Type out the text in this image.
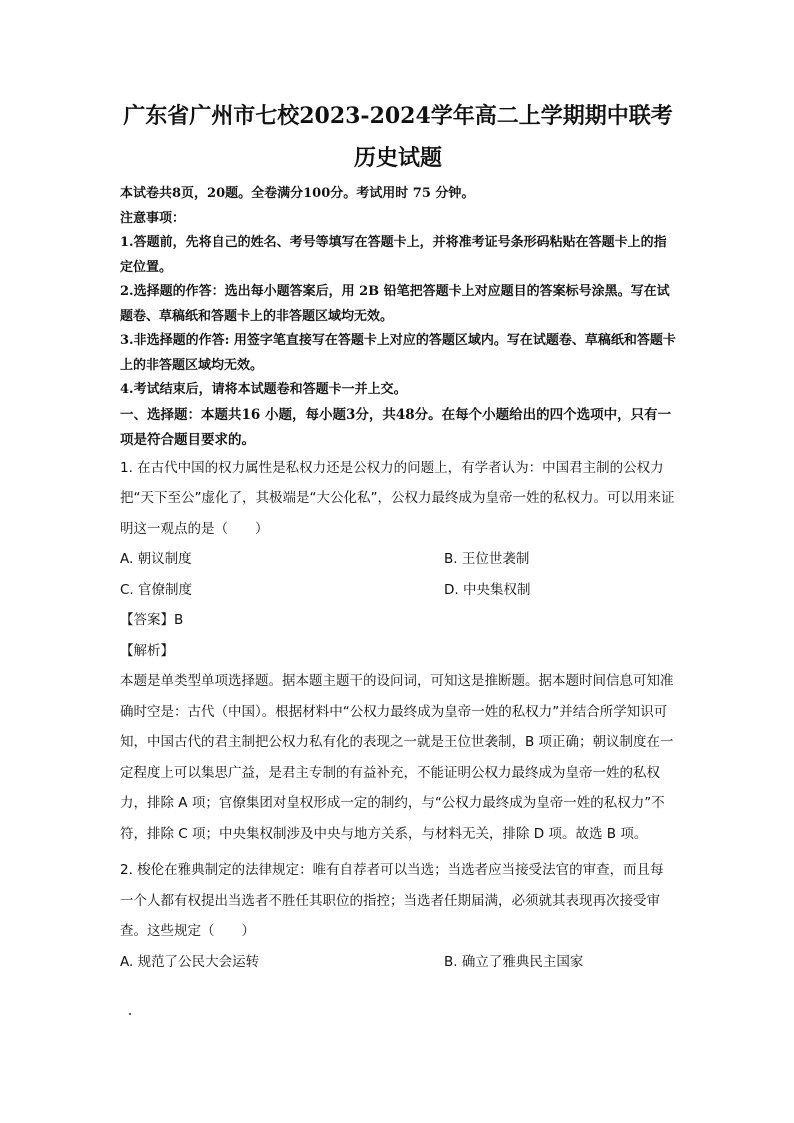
广东省广州市七校2023-2024学年高二上学期期中联考
历史试题

本试卷共8页，20题。全卷满分100分。考试用时 75 分钟。

注意事项：

1.答题前，先将自己的姓名、考号等填写在答题卡上，并将准考证号条形码粘贴在答题卡上的指定位置。

2.选择题的作答：选出每小题答案后，用 2B 铅笔把答题卡上对应题目的答案标号涂黑。写在试题卷、草稿纸和答题卡上的非答题区域均无效。

3.非选择题的作答: 用签字笔直接写在答题卡上对应的答题区域内。写在试题卷、草稿纸和答题卡上的非答题区域均无效。

4.考试结束后，请将本试题卷和答题卡一并上交。

一、选择题：本题共16 小题，每小题3分，共48分。在每个小题给出的四个选项中，只有一项是符合题目要求的。

1. 在古代中国的权力属性是私权力还是公权力的问题上，有学者认为：中国君主制的公权力把“天下至公”虚化了，其极端是“大公化私”，公权力最终成为皇帝一姓的私权力。可以用来证明这一观点的是（　　）

A. 朝议制度	B. 王位世袭制
C. 官僚制度	D. 中央集权制

【答案】B

【解析】

本题是单类型单项选择题。据本题主题干的设问词，可知这是推断题。据本题时间信息可知准确时空是：古代（中国）。根据材料中“公权力最终成为皇帝一姓的私权力”并结合所学知识可知，中国古代的君主制把公权力私有化的表现之一就是王位世袭制，B 项正确；朝议制度在一定程度上可以集思广益，是君主专制的有益补充，不能证明公权力最终成为皇帝一姓的私权力，排除 A 项；官僚集团对皇权形成一定的制约，与“公权力最终成为皇帝一姓的私权力”不符，排除 C 项；中央集权制涉及中央与地方关系，与材料无关，排除 D 项。故选 B 项。

2. 梭伦在雅典制定的法律规定：唯有自荐者可以当选；当选者应当接受法官的审查，而且每一个人都有权提出当选者不胜任其职位的指控；当选者任期届满，必须就其表现再次接受审查。这些规定（　　）

A. 规范了公民大会运转	B. 确立了雅典民主国家
